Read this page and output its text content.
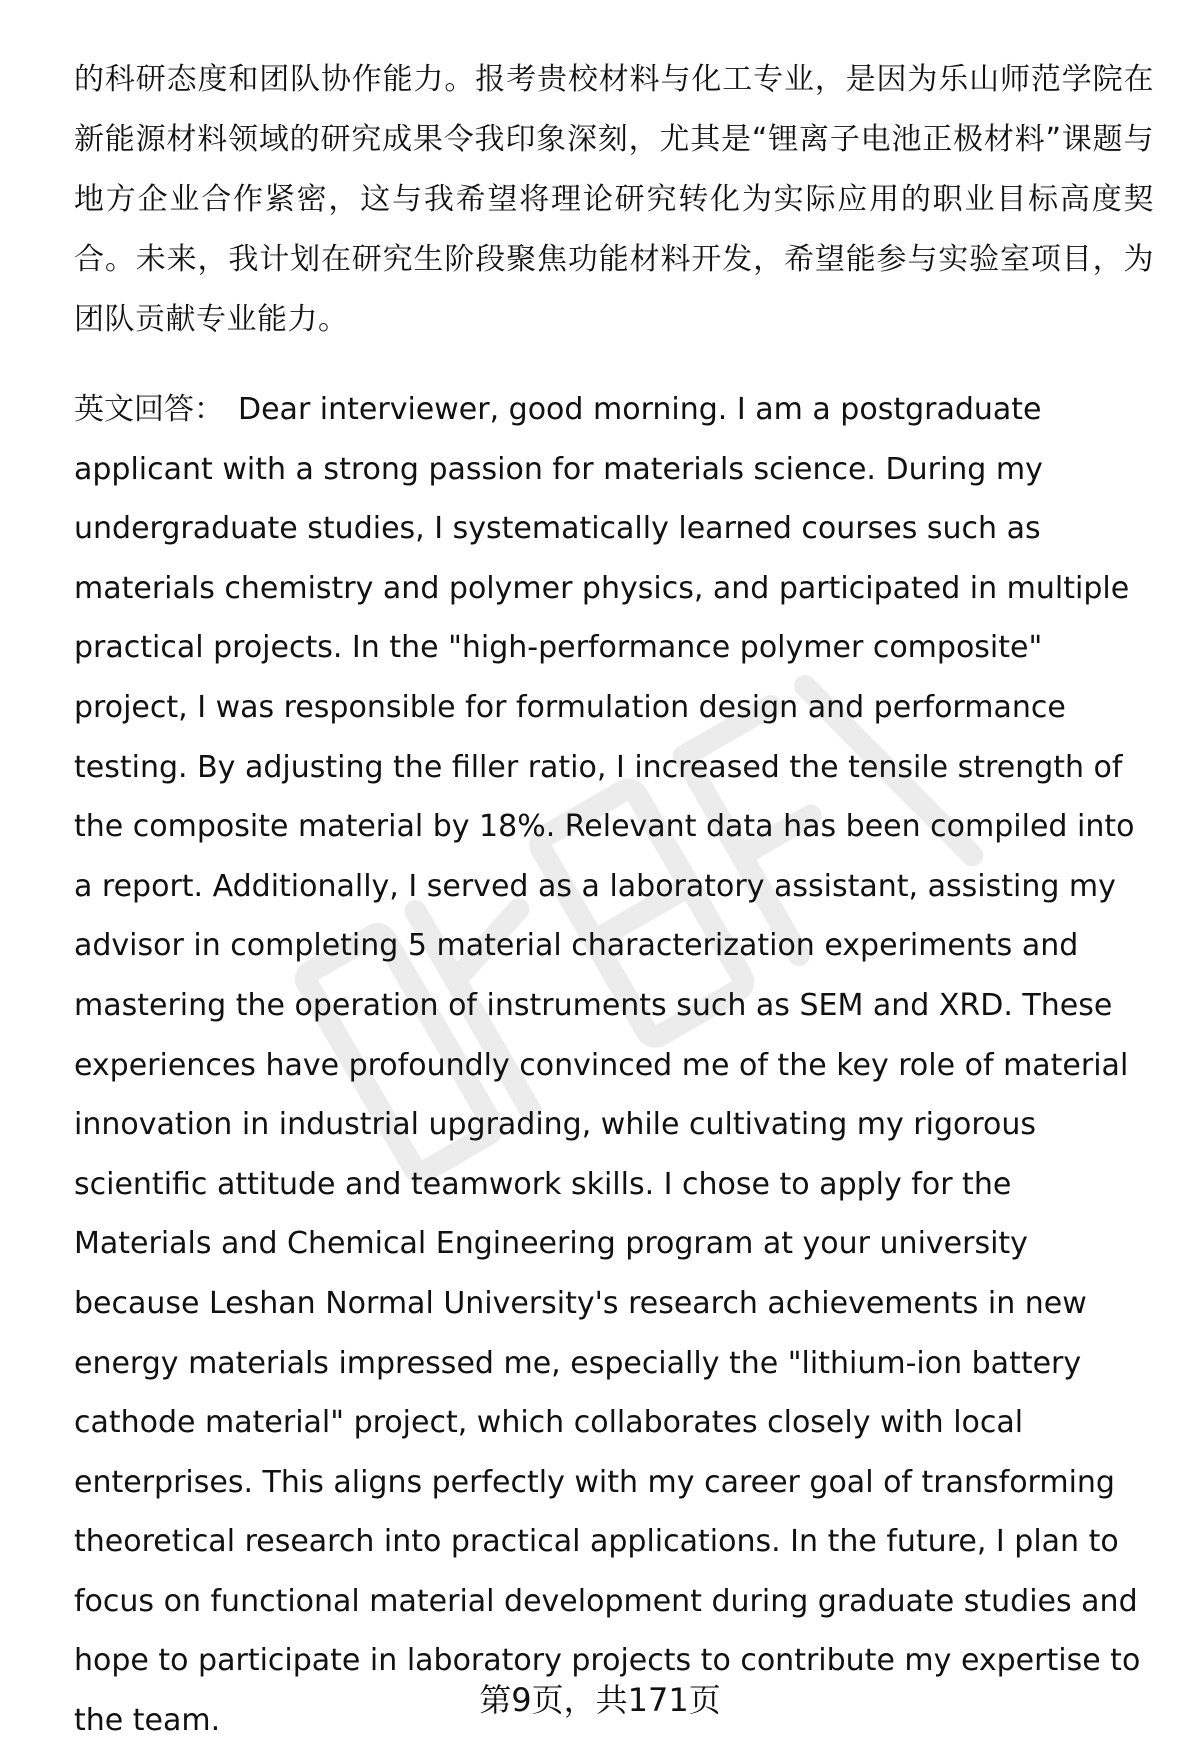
的科研态度和团队协作能力。报考贵校材料与化工专业，是因为乐山师范学院在新能源材料领域的研究成果令我印象深刻，尤其是“锂离子电池正极材料”课题与地方企业合作紧密，这与我希望将理论研究转化为实际应用的职业目标高度契合。未来，我计划在研究生阶段聚焦功能材料开发，希望能参与实验室项目，为团队贡献专业能力。

英文回答： Dear interviewer, good morning. I am a postgraduate applicant with a strong passion for materials science. During my undergraduate studies, I systematically learned courses such as materials chemistry and polymer physics, and participated in multiple practical projects. In the "high-performance polymer composite" project, I was responsible for formulation design and performance testing. By adjusting the filler ratio, I increased the tensile strength of the composite material by 18%. Relevant data has been compiled into a report. Additionally, I served as a laboratory assistant, assisting my advisor in completing 5 material characterization experiments and mastering the operation of instruments such as SEM and XRD. These experiences have profoundly convinced me of the key role of material innovation in industrial upgrading, while cultivating my rigorous scientific attitude and teamwork skills. I chose to apply for the Materials and Chemical Engineering program at your university because Leshan Normal University's research achievements in new energy materials impressed me, especially the "lithium-ion battery cathode material" project, which collaborates closely with local enterprises. This aligns perfectly with my career goal of transforming theoretical research into practical applications. In the future, I plan to focus on functional material development during graduate studies and hope to participate in laboratory projects to contribute my expertise to the team.

第9页，共171页
